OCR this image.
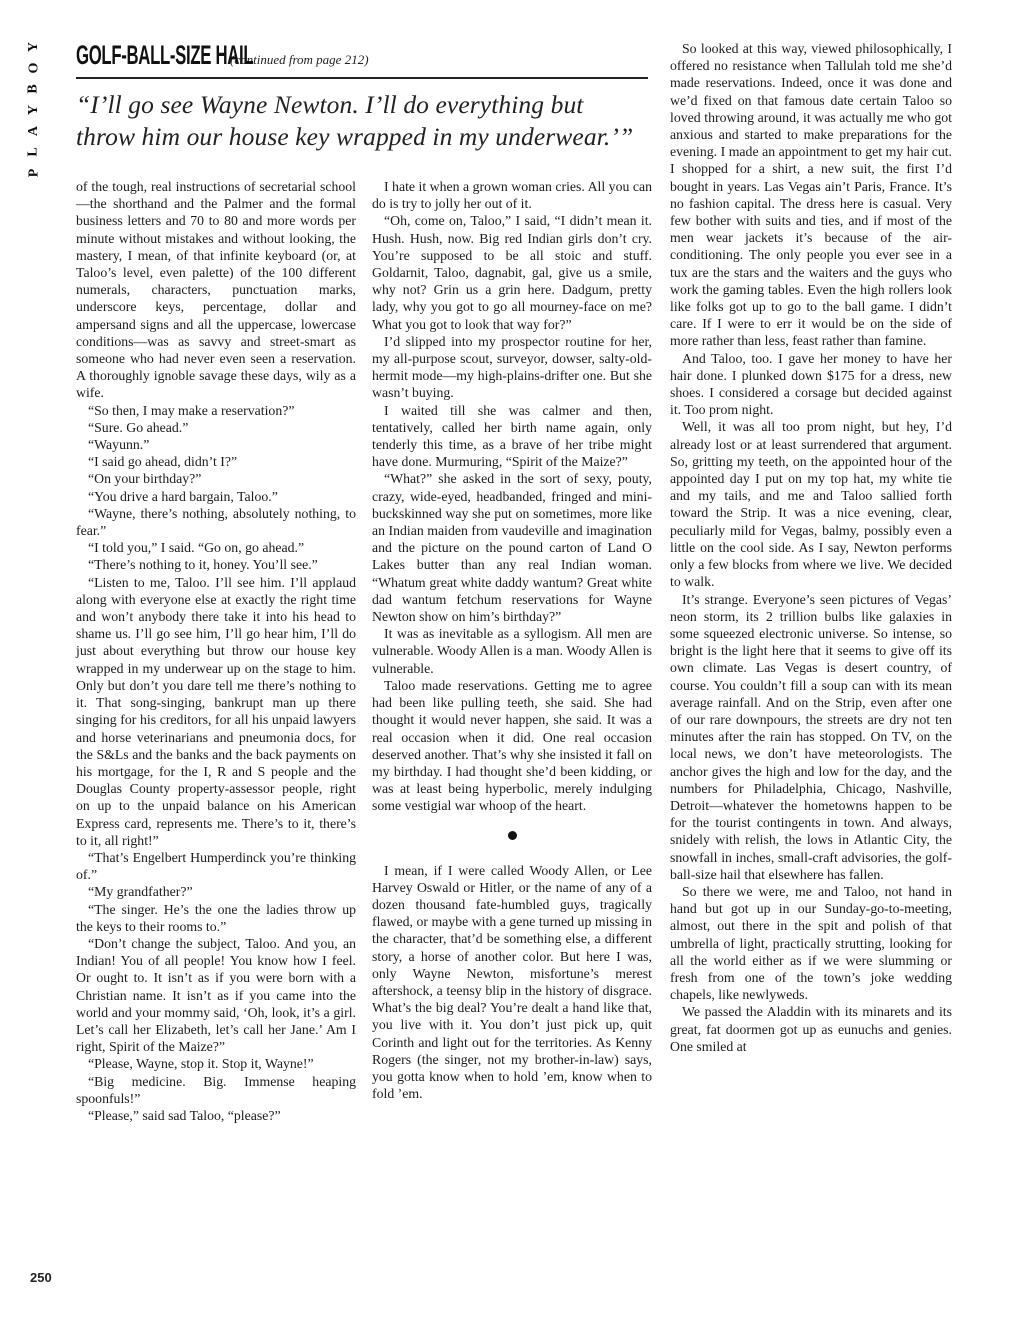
Y
O
B
Y
A
L
P
GOLF-BALL-SIZE HAIL
(continued from page 212)
“I’ll go see Wayne Newton. I’ll do everything but throw him our house key wrapped in my underwear.’”

of the tough, real instructions of secretarial school—the shorthand and the Palmer and the formal business letters and 70 to 80 and more words per minute without mistakes and without looking, the mastery, I mean, of that infinite keyboard (or, at Taloo’s level, even palette) of the 100 different numerals, characters, punctuation marks, underscore keys, percentage, dollar and ampersand signs and all the uppercase, lowercase conditions—was as savvy and street-smart as someone who had never even seen a reservation. A thoroughly ignoble savage these days, wily as a wife.

“So then, I may make a reservation?”

“Sure. Go ahead.”

“Wayunn.”

“I said go ahead, didn’t I?”

“On your birthday?”

“You drive a hard bargain, Taloo.”

“Wayne, there’s nothing, absolutely nothing, to fear.”

“I told you,” I said. “Go on, go ahead.”

“There’s nothing to it, honey. You’ll see.”

“Listen to me, Taloo. I’ll see him. I’ll applaud along with everyone else at exactly the right time and won’t anybody there take it into his head to shame us. I’ll go see him, I’ll go hear him, I’ll do just about everything but throw our house key wrapped in my underwear up on the stage to him. Only but don’t you dare tell me there’s nothing to it. That song-singing, bankrupt man up there singing for his creditors, for all his unpaid lawyers and horse veterinarians and pneumonia docs, for the S&Ls and the banks and the back payments on his mortgage, for the I, R and S people and the Douglas County property-assessor people, right on up to the unpaid balance on his American Express card, represents me. There’s to it, there’s to it, all right!”

“That’s Engelbert Humperdinck you’re thinking of.”

“My grandfather?”

“The singer. He’s the one the ladies throw up the keys to their rooms to.”

“Don’t change the subject, Taloo. And you, an Indian! You of all people! You know how I feel. Or ought to. It isn’t as if you were born with a Christian name. It isn’t as if you came into the world and your mommy said, ‘Oh, look, it’s a girl. Let’s call her Elizabeth, let’s call her Jane.’ Am I right, Spirit of the Maize?”

“Please, Wayne, stop it. Stop it, Wayne!”

“Big medicine. Big. Immense heaping spoonfuls!”

“Please,” said sad Taloo, “please?”

I hate it when a grown woman cries. All you can do is try to jolly her out of it.

“Oh, come on, Taloo,” I said, “I didn’t mean it. Hush. Hush, now. Big red Indian girls don’t cry. You’re supposed to be all stoic and stuff. Goldarnit, Taloo, dagnabit, gal, give us a smile, why not? Grin us a grin here. Dadgum, pretty lady, why you got to go all mourney-face on me? What you got to look that way for?”

I’d slipped into my prospector routine for her, my all-purpose scout, surveyor, dowser, salty-old-hermit mode—my high-plains-drifter one. But she wasn’t buying.

I waited till she was calmer and then, tentatively, called her birth name again, only tenderly this time, as a brave of her tribe might have done. Murmuring, “Spirit of the Maize?”

“What?” she asked in the sort of sexy, pouty, crazy, wide-eyed, headbanded, fringed and mini-buckskinned way she put on sometimes, more like an Indian maiden from vaudeville and imagination and the picture on the pound carton of Land O Lakes butter than any real Indian woman. “Whatum great white daddy wantum? Great white dad wantum fetchum reservations for Wayne Newton show on him’s birthday?”

It was as inevitable as a syllogism. All men are vulnerable. Woody Allen is a man. Woody Allen is vulnerable.

Taloo made reservations. Getting me to agree had been like pulling teeth, she said. She had thought it would never happen, she said. It was a real occasion when it did. One real occasion deserved another. That’s why she insisted it fall on my birthday. I had thought she’d been kidding, or was at least being hyperbolic, merely indulging some vestigial war whoop of the heart.

I mean, if I were called Woody Allen, or Lee Harvey Oswald or Hitler, or the name of any of a dozen thousand fate-humbled guys, tragically flawed, or maybe with a gene turned up missing in the character, that’d be something else, a different story, a horse of another color. But here I was, only Wayne Newton, misfortune’s merest aftershock, a teensy blip in the history of disgrace. What’s the big deal? You’re dealt a hand like that, you live with it. You don’t just pick up, quit Corinth and light out for the territories. As Kenny Rogers (the singer, not my brother-in-law) says, you gotta know when to hold ’em, know when to fold ’em.

So looked at this way, viewed philosophically, I offered no resistance when Tallulah told me she’d made reservations. Indeed, once it was done and we’d fixed on that famous date certain Taloo so loved throwing around, it was actually me who got anxious and started to make preparations for the evening. I made an appointment to get my hair cut. I shopped for a shirt, a new suit, the first I’d bought in years. Las Vegas ain’t Paris, France. It’s no fashion capital. The dress here is casual. Very few bother with suits and ties, and if most of the men wear jackets it’s because of the air-conditioning. The only people you ever see in a tux are the stars and the waiters and the guys who work the gaming tables. Even the high rollers look like folks got up to go to the ball game. I didn’t care. If I were to err it would be on the side of more rather than less, feast rather than famine.

And Taloo, too. I gave her money to have her hair done. I plunked down $175 for a dress, new shoes. I considered a corsage but decided against it. Too prom night.

Well, it was all too prom night, but hey, I’d already lost or at least surrendered that argument. So, gritting my teeth, on the appointed hour of the appointed day I put on my top hat, my white tie and my tails, and me and Taloo sallied forth toward the Strip. It was a nice evening, clear, peculiarly mild for Vegas, balmy, possibly even a little on the cool side. As I say, Newton performs only a few blocks from where we live. We decided to walk.

It’s strange. Everyone’s seen pictures of Vegas’ neon storm, its 2 trillion bulbs like galaxies in some squeezed electronic universe. So intense, so bright is the light here that it seems to give off its own climate. Las Vegas is desert country, of course. You couldn’t fill a soup can with its mean average rainfall. And on the Strip, even after one of our rare downpours, the streets are dry not ten minutes after the rain has stopped. On TV, on the local news, we don’t have meteorologists. The anchor gives the high and low for the day, and the numbers for Philadelphia, Chicago, Nashville, Detroit—whatever the hometowns happen to be for the tourist contingents in town. And always, snidely with relish, the lows in Atlantic City, the snowfall in inches, small-craft advisories, the golf-ball-size hail that elsewhere has fallen.

So there we were, me and Taloo, not hand in hand but got up in our Sunday-go-to-meeting, almost, out there in the spit and polish of that umbrella of light, practically strutting, looking for all the world either as if we were slumming or fresh from one of the town’s joke wedding chapels, like newlyweds.

We passed the Aladdin with its minarets and its great, fat doormen got up as eunuchs and genies. One smiled at

250
